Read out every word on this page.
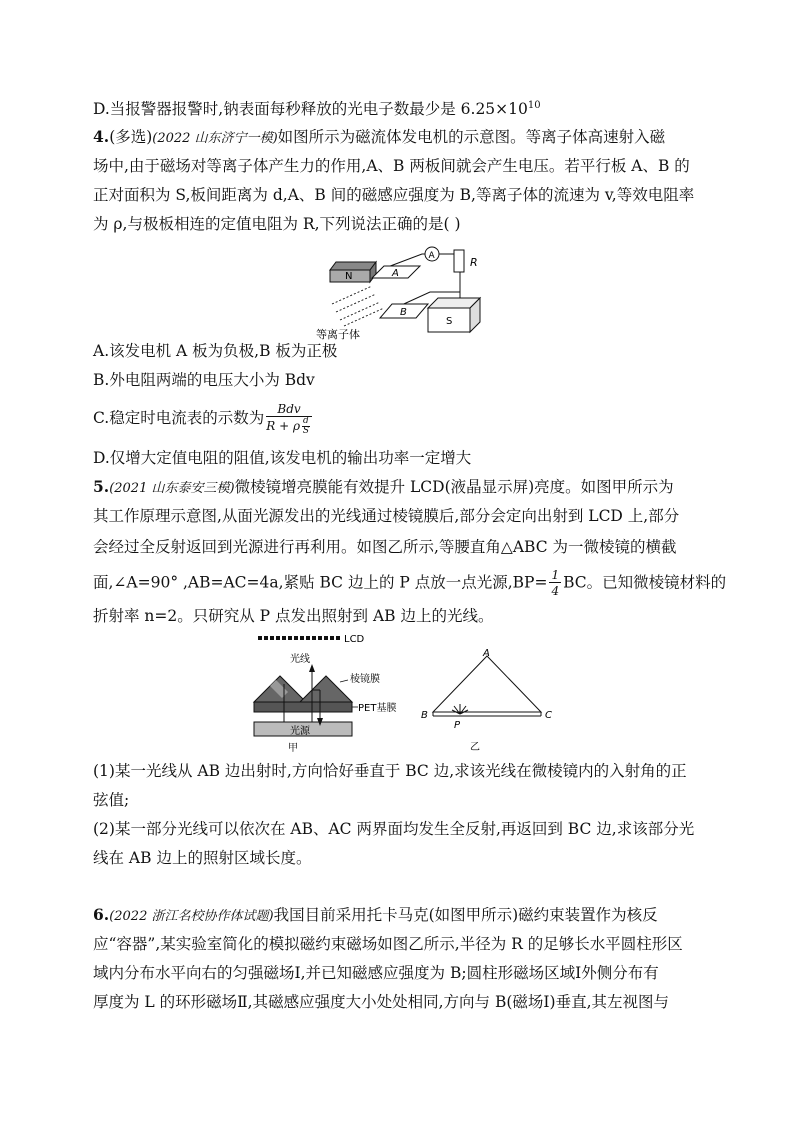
D.当报警器报警时,钠表面每秒释放的光电子数最少是 $6.25\times 10^{10}$
4.(多选)(2022 山东济宁一模)如图所示为磁流体发电机的示意图。等离子体高速射入磁
场中,由于磁场对等离子体产生力的作用,A、B 两板间就会产生电压。若平行板 A、B 的
正对面积为 S,板间距离为 d,A、B 间的磁感应强度为 B,等离子体的流速为 v,等效电阻率
为 ρ,与极板相连的定值电阻为 R,下列说法正确的是( )
R
A
N	A
B
S
等离子体
A.该发电机 A 板为负极,B 板为正极
B.外电阻两端的电压大小为 Bdv
C.稳定时电流表的示数为 $\frac{\text{Bdv}}{R + \rho \frac{d}{S}}$
D.仅增大定值电阻的阻值,该发电机的输出功率一定增大
5.(2021 山东泰安三模)微棱镜增亮膜能有效提升 LCD(液晶显示屏)亮度。如图甲所示为
其工作原理示意图,从面光源发出的光线通过棱镜膜后,部分会定向出射到 LCD 上,部分
会经过全反射返回到光源进行再利用。如图乙所示,等腰直角△ABC 为一微棱镜的横截
面,∠A=90° ,AB=AC=4a,紧贴 BC 边上的 P 点放一点光源$,BP= \frac{1}{4}$ BC。已知微棱镜材料的
折射率 n=2。只研究从 P 点发出照射到 AB 边上的光线。
LCD
光源
光线
棱镜膜
PET基膜
甲
A
B	C
P
乙
(1)某一光线从 AB 边出射时,方向恰好垂直于 BC 边,求该光线在微棱镜内的入射角的正
弦值;
(2)某一部分光线可以依次在 AB、AC 两界面均发生全反射,再返回到 BC 边,求该部分光
线在 AB 边上的照射区域长度。
6.(2022 浙江名校协作体试题)我国目前采用托卡马克(如图甲所示)磁约束装置作为核反
应“容器”,某实验室简化的模拟磁约束磁场如图乙所示,半径为 R 的足够长水平圆柱形区
域内分布水平向右的匀强磁场Ⅰ,并已知磁感应强度为 B;圆柱形磁场区域Ⅰ外侧分布有
厚度为 L 的环形磁场Ⅱ,其磁感应强度大小处处相同,方向与 B(磁场Ⅰ)垂直,其左视图与
